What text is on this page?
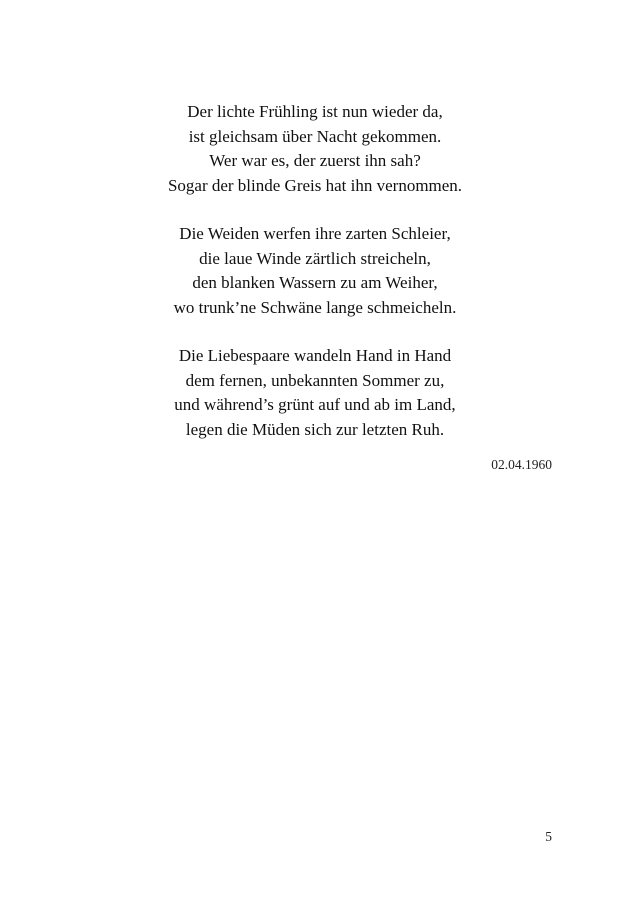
Der lichte Frühling ist nun wieder da,
ist gleichsam über Nacht gekommen.
Wer war es, der zuerst ihn sah?
Sogar der blinde Greis hat ihn vernommen.
Die Weiden werfen ihre zarten Schleier,
die laue Winde zärtlich streicheln,
den blanken Wassern zu am Weiher,
wo trunk’ne Schwäne lange schmeicheln.
Die Liebespaare wandeln Hand in Hand
dem fernen, unbekannten Sommer zu,
und während’s grünt auf und ab im Land,
legen die Müden sich zur letzten Ruh.
02.04.1960
5
